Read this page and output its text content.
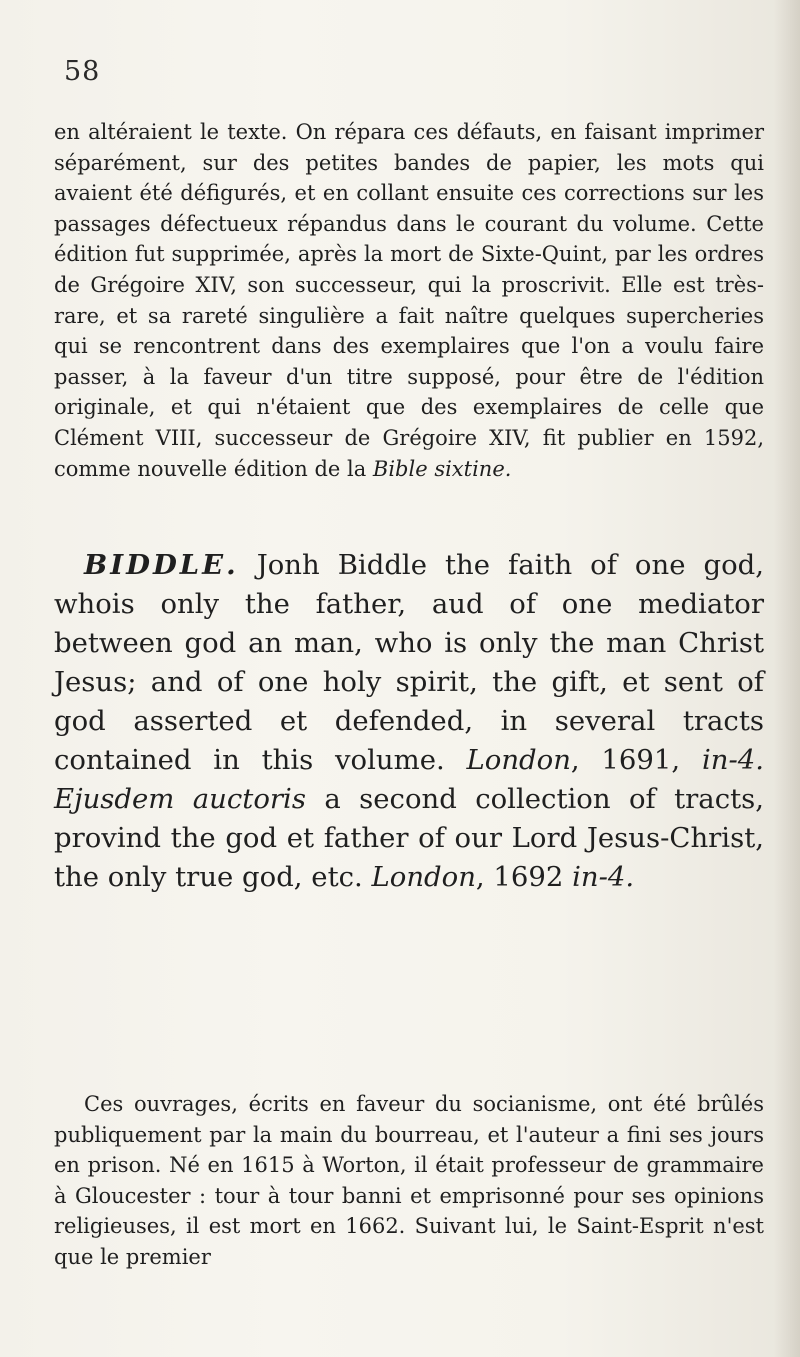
58

en altéraient le texte. On répara ces défauts, en faisant imprimer séparément, sur des petites bandes de papier, les mots qui avaient été défigurés, et en collant ensuite ces corrections sur les passages défectueux répandus dans le courant du volume. Cette édition fut supprimée, après la mort de Sixte-Quint, par les ordres de Grégoire XIV, son successeur, qui la proscrivit. Elle est très-rare, et sa rareté singulière a fait naître quelques supercheries qui se rencontrent dans des exemplaires que l'on a voulu faire passer, à la faveur d'un titre supposé, pour être de l'édition originale, et qui n'étaient que des exemplaires de celle que Clément VIII, successeur de Grégoire XIV, fit publier en 1592, comme nouvelle édition de la Bible sixtine.

BIDDLE. Jonh Biddle the faith of one god, whois only the father, aud of one mediator between god an man, who is only the man Christ Jesus; and of one holy spirit, the gift, et sent of god asserted et defended, in several tracts contained in this volume. London, 1691, in-4. Ejusdem auctoris a second collection of tracts, provind the god et father of our Lord Jesus-Christ, the only true god, etc. London, 1692 in-4.

Ces ouvrages, écrits en faveur du socianisme, ont été brûlés publiquement par la main du bourreau, et l'auteur a fini ses jours en prison. Né en 1615 à Worton, il était professeur de grammaire à Gloucester : tour à tour banni et emprisonné pour ses opinions religieuses, il est mort en 1662. Suivant lui, le Saint-Esprit n'est que le premier
